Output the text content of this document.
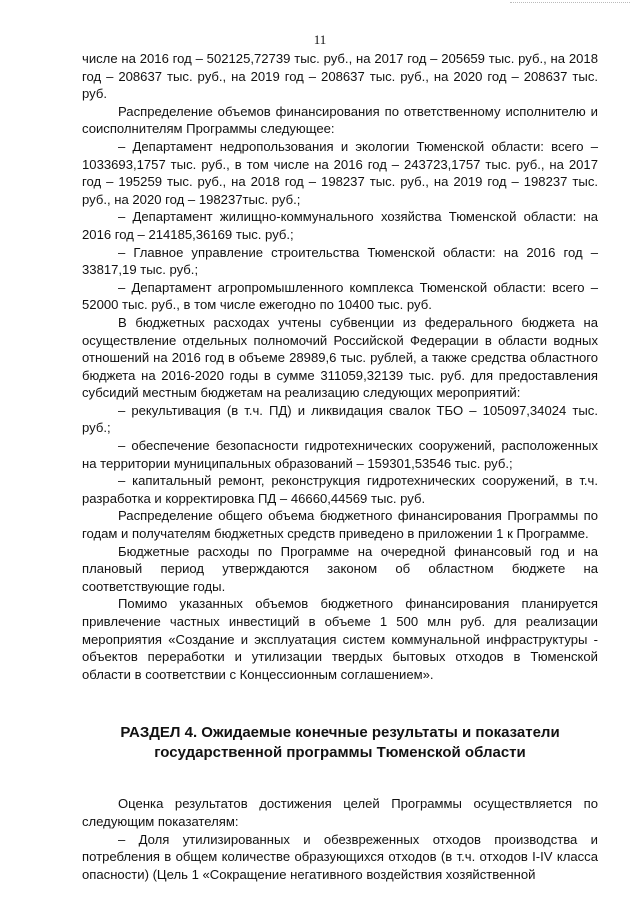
11

числе на 2016 год – 502125,72739 тыс. руб., на 2017 год – 205659 тыс. руб., на 2018 год – 208637 тыс. руб., на 2019 год – 208637 тыс. руб., на 2020 год – 208637 тыс. руб.

Распределение объемов финансирования по ответственному исполнителю и соисполнителям Программы следующее:

– Департамент недропользования и экологии Тюменской области: всего – 1033693,1757 тыс. руб., в том числе на 2016 год – 243723,1757 тыс. руб., на 2017 год – 195259 тыс. руб., на 2018 год – 198237 тыс. руб., на 2019 год – 198237 тыс. руб., на 2020 год – 198237тыс. руб.;

– Департамент жилищно-коммунального хозяйства Тюменской области: на 2016 год – 214185,36169 тыс. руб.;

– Главное управление строительства Тюменской области: на 2016 год – 33817,19 тыс. руб.;

– Департамент агропромышленного комплекса Тюменской области: всего – 52000 тыс. руб., в том числе ежегодно по 10400 тыс. руб.

В бюджетных расходах учтены субвенции из федерального бюджета на осуществление отдельных полномочий Российской Федерации в области водных отношений на 2016 год в объеме 28989,6 тыс. рублей, а также средства областного бюджета на 2016-2020 годы в сумме 311059,32139 тыс. руб. для предоставления субсидий местным бюджетам на реализацию следующих мероприятий:

– рекультивация (в т.ч. ПД) и ликвидация свалок ТБО – 105097,34024 тыс. руб.;

– обеспечение безопасности гидротехнических сооружений, расположенных на территории муниципальных образований – 159301,53546 тыс. руб.;

– капитальный ремонт, реконструкция гидротехнических сооружений, в т.ч. разработка и корректировка ПД – 46660,44569 тыс. руб.

Распределение общего объема бюджетного финансирования Программы по годам и получателям бюджетных средств приведено в приложении 1 к Программе.

Бюджетные расходы по Программе на очередной финансовый год и на плановый период утверждаются законом об областном бюджете на соответствующие годы.

Помимо указанных объемов бюджетного финансирования планируется привлечение частных инвестиций в объеме 1 500 млн руб. для реализации мероприятия «Создание и эксплуатация систем коммунальной инфраструктуры - объектов переработки и утилизации твердых бытовых отходов в Тюменской области в соответствии с Концессионным соглашением».

РАЗДЕЛ 4. Ожидаемые конечные результаты и показатели государственной программы Тюменской области

Оценка результатов достижения целей Программы осуществляется по следующим показателям:

– Доля утилизированных и обезвреженных отходов производства и потребления в общем количестве образующихся отходов (в т.ч. отходов I-IV класса опасности) (Цель 1 «Сокращение негативного воздействия хозяйственной
